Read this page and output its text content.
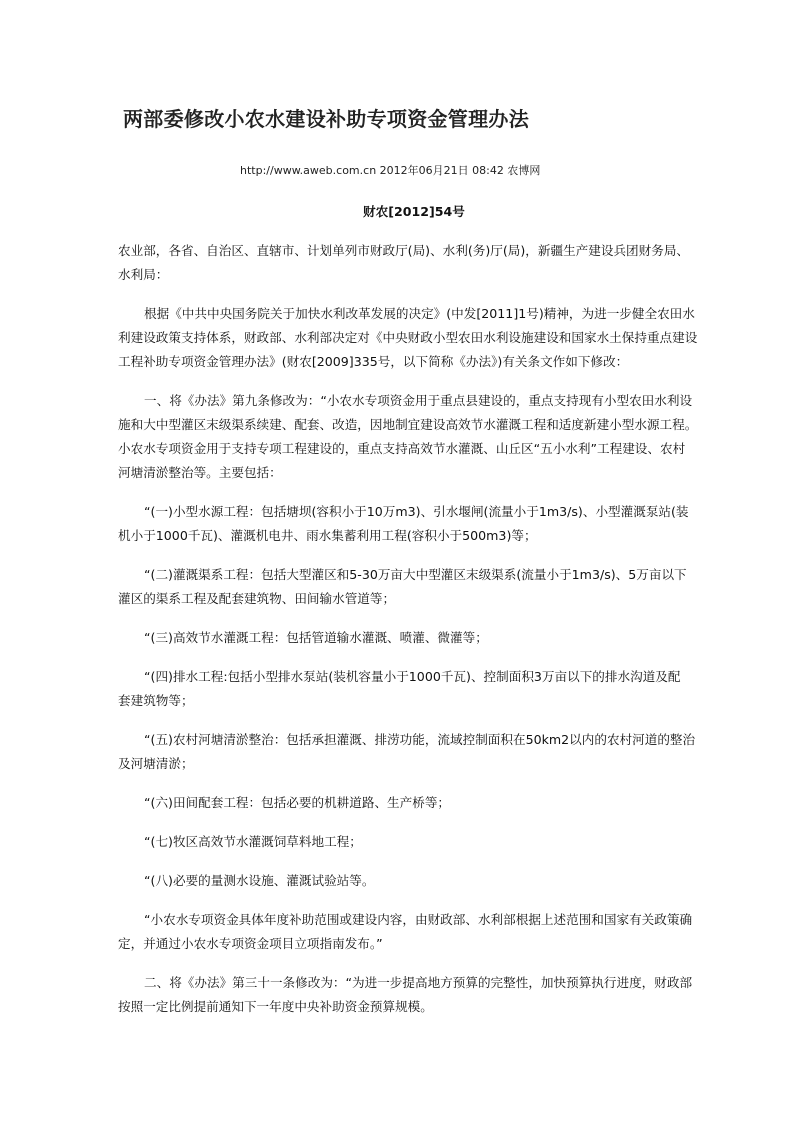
两部委修改小农水建设补助专项资金管理办法
http://www.aweb.com.cn 2012年06月21日 08:42 农博网
财农[2012]54号

农业部，各省、自治区、直辖市、计划单列市财政厅(局)、水利(务)厅(局)，新疆生产建设兵团财务局、

水利局：

根据《中共中央国务院关于加快水利改革发展的决定》(中发[2011]1号)精神，为进一步健全农田水

利建设政策支持体系，财政部、水利部决定对《中央财政小型农田水利设施建设和国家水土保持重点建设

工程补助专项资金管理办法》(财农[2009]335号，以下简称《办法》)有关条文作如下修改：

一、将《办法》第九条修改为：“小农水专项资金用于重点县建设的，重点支持现有小型农田水利设

施和大中型灌区末级渠系续建、配套、改造，因地制宜建设高效节水灌溉工程和适度新建小型水源工程。

小农水专项资金用于支持专项工程建设的，重点支持高效节水灌溉、山丘区“五小水利”工程建设、农村

河塘清淤整治等。主要包括：

“(一)小型水源工程：包括塘坝(容积小于10万m3)、引水堰闸(流量小于1m3/s)、小型灌溉泵站(装

机小于1000千瓦)、灌溉机电井、雨水集蓄利用工程(容积小于500m3)等；

“(二)灌溉渠系工程：包括大型灌区和5-30万亩大中型灌区末级渠系(流量小于1m3/s)、5万亩以下

灌区的渠系工程及配套建筑物、田间输水管道等；

“(三)高效节水灌溉工程：包括管道输水灌溉、喷灌、微灌等；

“(四)排水工程:包括小型排水泵站(装机容量小于1000千瓦)、控制面积3万亩以下的排水沟道及配

套建筑物等；

“(五)农村河塘清淤整治：包括承担灌溉、排涝功能，流域控制面积在50km2以内的农村河道的整治

及河塘清淤；

“(六)田间配套工程：包括必要的机耕道路、生产桥等；

“(七)牧区高效节水灌溉饲草料地工程；

“(八)必要的量测水设施、灌溉试验站等。

“小农水专项资金具体年度补助范围或建设内容，由财政部、水利部根据上述范围和国家有关政策确

定，并通过小农水专项资金项目立项指南发布。”

二、将《办法》第三十一条修改为：“为进一步提高地方预算的完整性，加快预算执行进度，财政部

按照一定比例提前通知下一年度中央补助资金预算规模。
